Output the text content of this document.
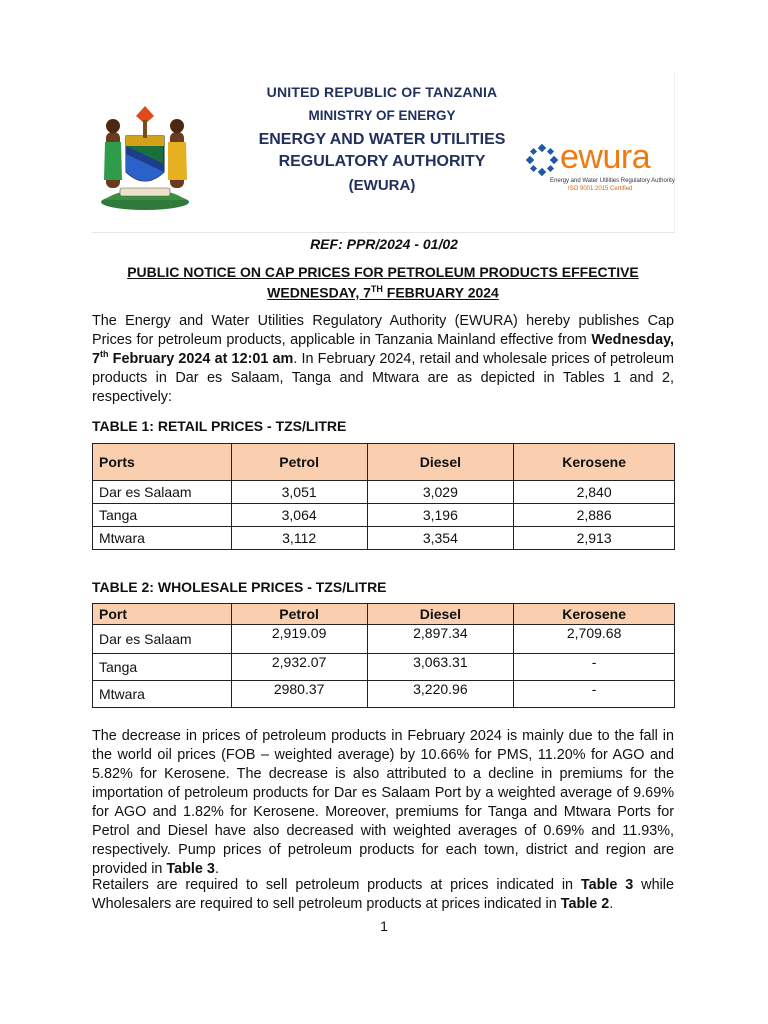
UNITED REPUBLIC OF TANZANIA
MINISTRY OF ENERGY
ENERGY AND WATER UTILITIES
REGULATORY AUTHORITY
(EWURA)
ewura
Energy and Water Utilities Regulatory Authority
ISO 9001:2015 Certified
REF: PPR/2024 - 01/02
PUBLIC NOTICE ON CAP PRICES FOR PETROLEUM PRODUCTS EFFECTIVE WEDNESDAY, 7TH FEBRUARY 2024
The Energy and Water Utilities Regulatory Authority (EWURA) hereby publishes Cap Prices for petroleum products, applicable in Tanzania Mainland effective from Wednesday, 7th February 2024 at 12:01 am. In February 2024, retail and wholesale prices of petroleum products in Dar es Salaam, Tanga and Mtwara are as depicted in Tables 1 and 2, respectively:
TABLE 1: RETAIL PRICES - TZS/LITRE
Ports	Petrol	Diesel	Kerosene
Dar es Salaam	3,051	3,029	2,840
Tanga	3,064	3,196	2,886
Mtwara	3,112	3,354	2,913
TABLE 2: WHOLESALE PRICES - TZS/LITRE
Port	Petrol	Diesel	Kerosene
Dar es Salaam	2,919.09	2,897.34	2,709.68
Tanga	2,932.07	3,063.31	-
Mtwara	2980.37	3,220.96	-
The decrease in prices of petroleum products in February 2024 is mainly due to the fall in the world oil prices (FOB – weighted average) by 10.66% for PMS, 11.20% for AGO and 5.82% for Kerosene. The decrease is also attributed to a decline in premiums for the importation of petroleum products for Dar es Salaam Port by a weighted average of 9.69% for AGO and 1.82% for Kerosene. Moreover, premiums for Tanga and Mtwara Ports for Petrol and Diesel have also decreased with weighted averages of 0.69% and 11.93%, respectively. Pump prices of petroleum products for each town, district and region are provided in Table 3.
Retailers are required to sell petroleum products at prices indicated in Table 3 while Wholesalers are required to sell petroleum products at prices indicated in Table 2.
1
